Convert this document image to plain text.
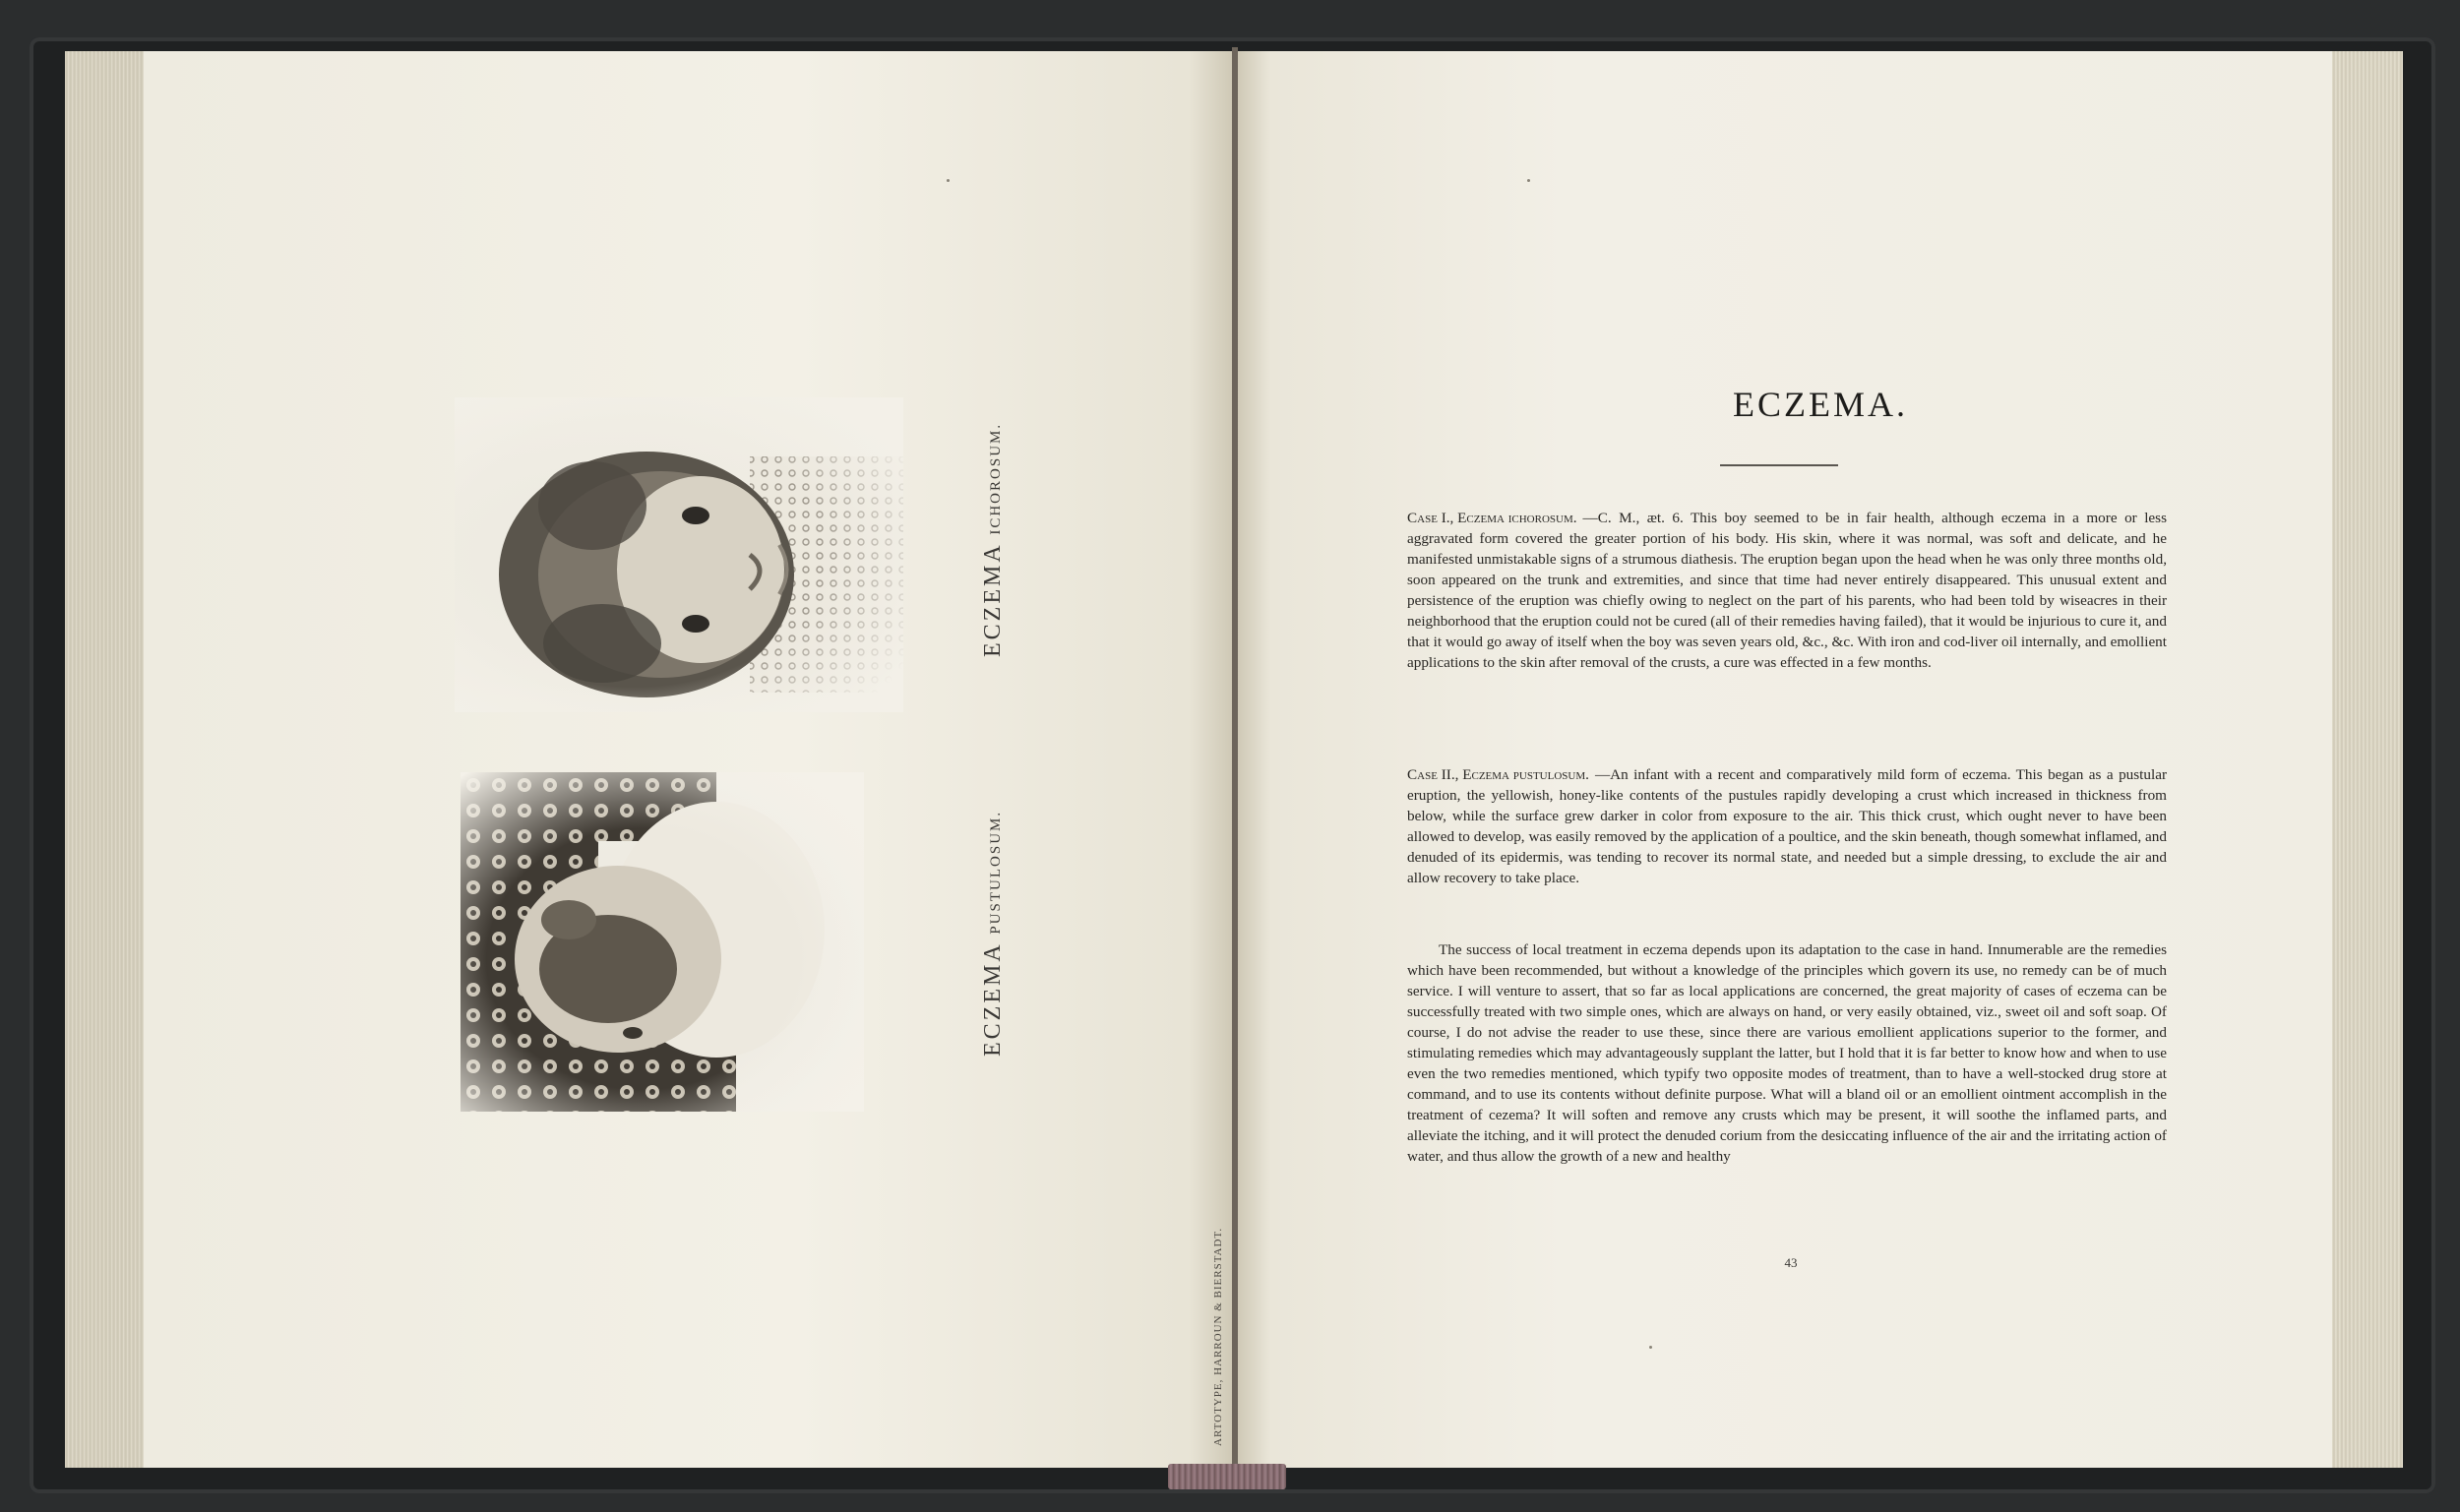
ECZEMA ICHOROSUM.
ECZEMA PUSTULOSUM.
ARTOTYPE, HARROUN & BIERSTADT.
ECZEMA.
Case I., Eczema ichorosum. —C. M., æt. 6. This boy seemed to be in fair health, although eczema in a more or less aggravated form covered the greater portion of his body. His skin, where it was normal, was soft and delicate, and he manifested unmistakable signs of a strumous diathesis. The eruption began upon the head when he was only three months old, soon appeared on the trunk and extremities, and since that time had never entirely disappeared. This unusual extent and persistence of the eruption was chiefly owing to neglect on the part of his parents, who had been told by wiseacres in their neighborhood that the eruption could not be cured (all of their remedies having failed), that it would be injurious to cure it, and that it would go away of itself when the boy was seven years old, &c., &c. With iron and cod-liver oil internally, and emollient applications to the skin after removal of the crusts, a cure was effected in a few months.
Case II., Eczema pustulosum. —An infant with a recent and comparatively mild form of eczema. This began as a pustular eruption, the yellowish, honey-like contents of the pustules rapidly developing a crust which increased in thickness from below, while the surface grew darker in color from exposure to the air. This thick crust, which ought never to have been allowed to develop, was easily removed by the application of a poultice, and the skin beneath, though somewhat inflamed, and denuded of its epidermis, was tending to recover its normal state, and needed but a simple dressing, to exclude the air and allow recovery to take place.
The success of local treatment in eczema depends upon its adaptation to the case in hand. Innumerable are the remedies which have been recommended, but without a knowledge of the principles which govern its use, no remedy can be of much service. I will venture to assert, that so far as local applications are concerned, the great majority of cases of eczema can be successfully treated with two simple ones, which are always on hand, or very easily obtained, viz., sweet oil and soft soap. Of course, I do not advise the reader to use these, since there are various emollient applications superior to the former, and stimulating remedies which may advantageously supplant the latter, but I hold that it is far better to know how and when to use even the two remedies mentioned, which typify two opposite modes of treatment, than to have a well-stocked drug store at command, and to use its contents without definite purpose. What will a bland oil or an emollient ointment accomplish in the treatment of cezema? It will soften and remove any crusts which may be present, it will soothe the inflamed parts, and alleviate the itching, and it will protect the denuded corium from the desiccating influence of the air and the irritating action of water, and thus allow the growth of a new and healthy
43
